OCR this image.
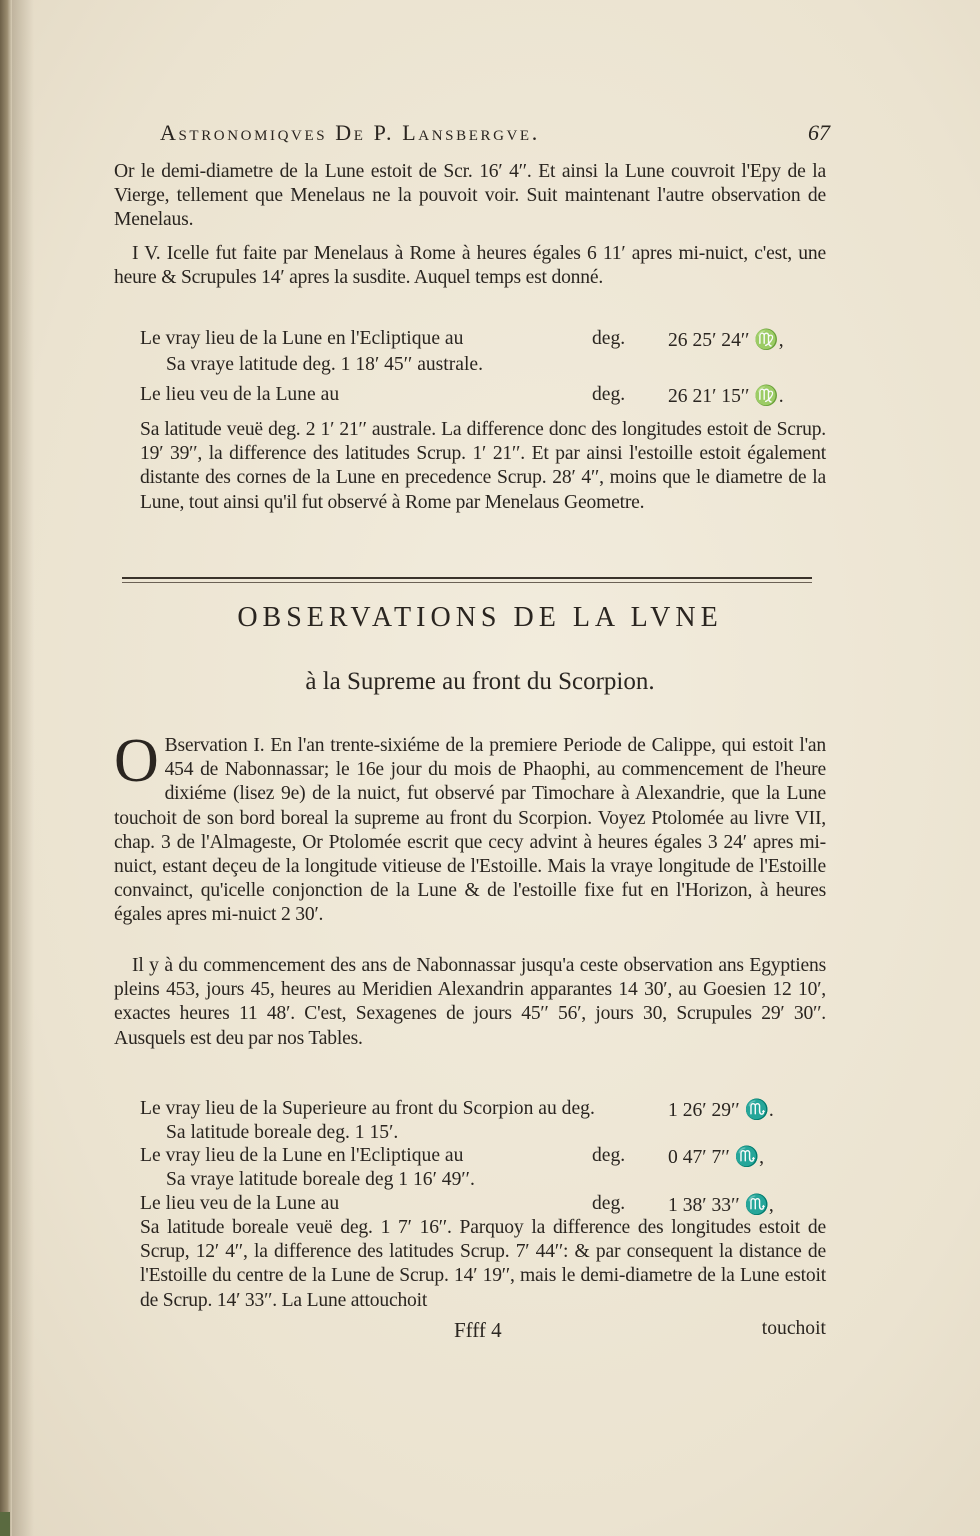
Astronomiqves De P. Lansbergve.	67

Or le demi-diametre de la Lune estoit de Scr. 16′ 4′′. Et ainsi la Lune couvroit l'Epy de la Vierge, tellement que Menelaus ne la pouvoit voir. Suit maintenant l'autre observation de Menelaus.

I V. Icelle fut faite par Menelaus à Rome à heures égales 6 11′ apres mi-nuict, c'est, une heure & Scrupules 14′ apres la susdite. Auquel temps est donné.

Le vray lieu de la Lune en l'Ecliptique au	deg. 26 25′ 24′′ ♍,
Sa vraye latitude deg. 1 18′ 45′′ australe.
Le lieu veu de la Lune au	deg. 26 21′ 15′′ ♍.

Sa latitude veuë deg. 2 1′ 21′′ australe. La difference donc des longitudes estoit de Scrup. 19′ 39′′, la difference des latitudes Scrup. 1′ 21′′. Et par ainsi l'estoille estoit également distante des cornes de la Lune en precedence Scrup. 28′ 4′′, moins que le diametre de la Lune, tout ainsi qu'il fut observé à Rome par Menelaus Geometre.

OBSERVATIONS DE LA LVNE
à la Supreme au front du Scorpion.
O Bservation I. En l'an trente-sixiéme de la premiere Periode de Calippe, qui estoit l'an 454 de Nabonnassar; le 16e jour du mois de Phaophi, au commencement de l'heure dixiéme (lisez 9e) de la nuict, fut observé par Timochare à Alexandrie, que la Lune touchoit de son bord boreal la supreme au front du Scorpion. Voyez Ptolomée au livre VII, chap. 3 de l'Almageste, Or Ptolomée escrit que cecy advint à heures égales 3 24′ apres mi-nuict, estant deçeu de la longitude vitieuse de l'Estoille. Mais la vraye longitude de l'Estoille convainct, qu'icelle conjonction de la Lune & de l'estoille fixe fut en l'Horizon, à heures égales apres mi-nuict 2 30′.

Il y à du commencement des ans de Nabonnassar jusqu'a ceste observation ans Egyptiens pleins 453, jours 45, heures au Meridien Alexandrin apparantes 14 30′, au Goesien 12 10′, exactes heures 11 48′. C'est, Sexagenes de jours 45′′ 56′, jours 30, Scrupules 29′ 30′′. Ausquels est deu par nos Tables.

Le vray lieu de la Superieure au front du Scorpion au deg.	1 26′ 29′′ ♏.
Sa latitude boreale deg. 1 15′.
Le vray lieu de la Lune en l'Ecliptique au	deg. 0 47′ 7′′ ♏,
Sa vraye latitude boreale deg 1 16′ 49′′.
Le lieu veu de la Lune au	deg. 1 38′ 33′′ ♏,

Sa latitude boreale veuë deg. 1 7′ 16′′. Parquoy la difference des longitudes estoit de Scrup, 12′ 4′′, la difference des latitudes Scrup. 7′ 44′′: & par consequent la distance de l'Estoille du centre de la Lune de Scrup. 14′ 19′′, mais le demi-diametre de la Lune estoit de Scrup. 14′ 33′′. La Lune attouchoit

Ffff 4	touchoit
